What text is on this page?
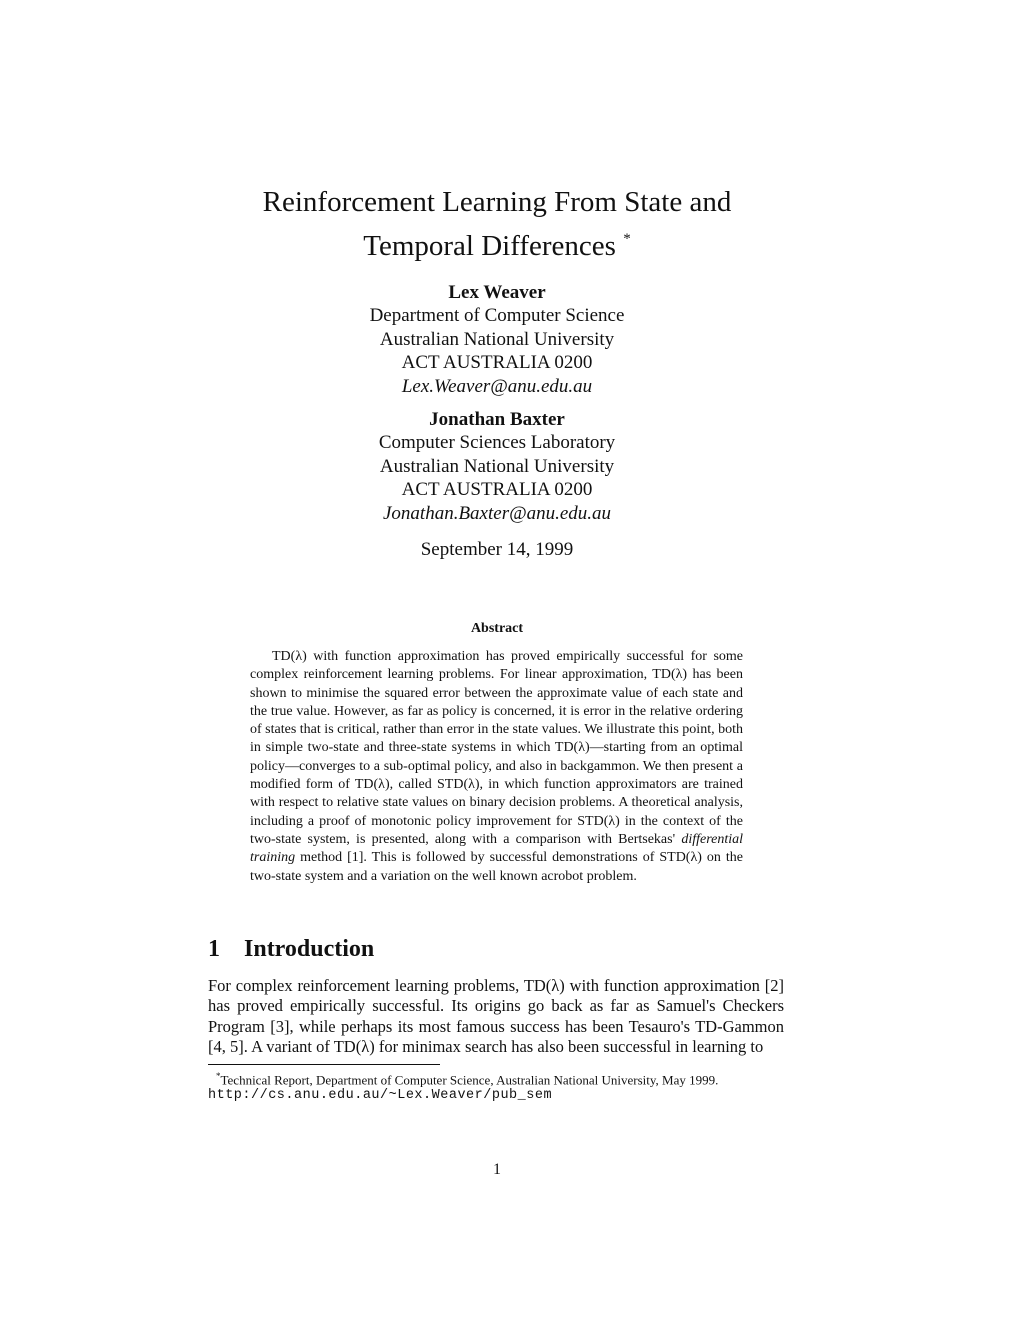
Reinforcement Learning From State and
Temporal Differences *
Lex Weaver
Department of Computer Science
Australian National University
ACT AUSTRALIA 0200
Lex.Weaver@anu.edu.au
Jonathan Baxter
Computer Sciences Laboratory
Australian National University
ACT AUSTRALIA 0200
Jonathan.Baxter@anu.edu.au
September 14, 1999
Abstract

TD(λ) with function approximation has proved empirically successful for some complex reinforcement learning problems. For linear approximation, TD(λ) has been shown to minimise the squared error between the approximate value of each state and the true value. However, as far as policy is concerned, it is error in the relative ordering of states that is critical, rather than error in the state values. We illustrate this point, both in simple two-state and three-state systems in which TD(λ)—starting from an optimal policy—converges to a sub-optimal policy, and also in backgammon. We then present a modified form of TD(λ), called STD(λ), in which function approximators are trained with respect to relative state values on binary decision problems. A theoretical analysis, including a proof of monotonic policy improvement for STD(λ) in the context of the two-state system, is presented, along with a comparison with Bertsekas' differential training method [1]. This is followed by successful demonstrations of STD(λ) on the two-state system and a variation on the well known acrobot problem.

1 Introduction

For complex reinforcement learning problems, TD(λ) with function approximation [2] has proved empirically successful. Its origins go back as far as Samuel's Checkers Program [3], while perhaps its most famous success has been Tesauro's TD-Gammon [4, 5]. A variant of TD(λ) for minimax search has also been successful in learning to

*Technical Report, Department of Computer Science, Australian National University, May 1999.
http://cs.anu.edu.au/~Lex.Weaver/pub_sem

1
